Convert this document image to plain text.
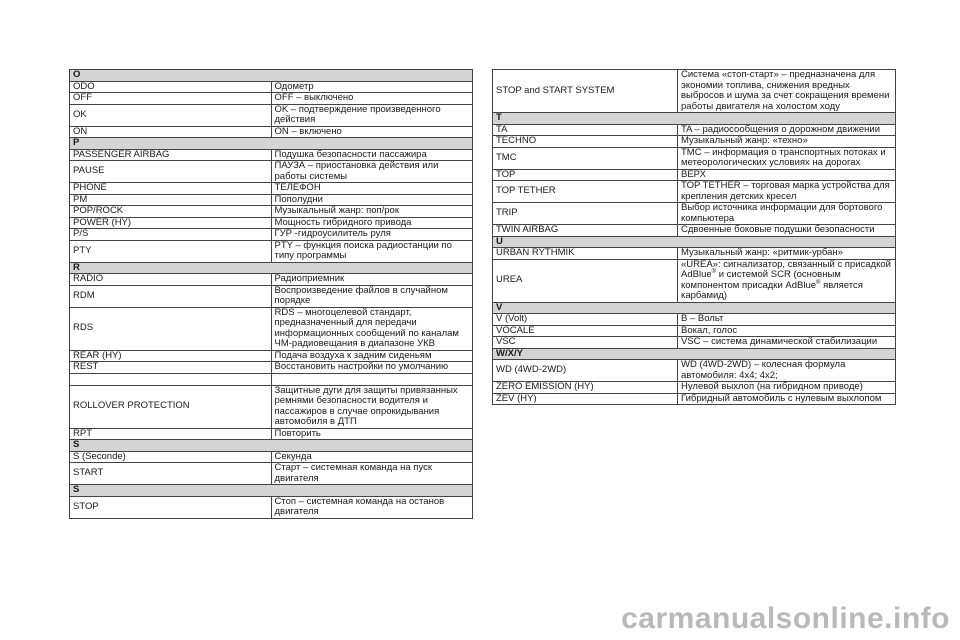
O	
ODO	Одометр
OFF	OFF – выключено
OK	OK – подтверждение произведенного действия
ON	ON – включено
P	
PASSENGER AIRBAG	Подушка безопасности пассажира
PAUSE	ПАУЗА – приостановка действия или работы системы
PHONE	ТЕЛЕФОН
PM	Пополудни
POP/ROCK	Музыкальный жанр: поп/рок
POWER (HY)	Мощность гибридного привода
P/S	ГУР -гидроусилитель руля
PTY	PTY – функция поиска радиостанции по типу программы
R	
RADIO	Радиоприемник
RDM	Воспроизведение файлов в случайном порядке
RDS	RDS – многоцелевой стандарт, предназначенный для передачи информационных сообщений по каналам ЧМ-радиовещания в диапазоне УКВ
REAR (HY)	Подача воздуха к задним сиденьям
REST	Восстановить настройки по умолчанию

ROLLOVER PROTECTION	Защитные дуги для защиты привязанных ремнями безопасности водителя и пассажиров в случае опрокидывания автомобиля в ДТП
RPT	Повторить
S	
S (Seconde)	Секунда
START	Старт – системная команда на пуск двигателя
S	
STOP	Стоп – системная команда на останов двигателя
STOP and START SYSTEM	Система «стоп-старт» – предназначена для экономии топлива, снижения вредных выбросов и шума за счет сокращения времени работы двигателя на холостом ходу
T	
TA	TA – радиосообщения о дорожном движении
TECHNO	Музыкальный жанр: «техно»
TMC	TMC – информация о транспортных потоках и метеорологических условиях на дорогах
TOP	ВЕРХ
TOP TETHER	TOP TETHER – торговая марка устройства для крепления детских кресел
TRIP	Выбор источника информации для бортового компьютера
TWIN AIRBAG	Сдвоенные боковые подушки безопасности
U	
URBAN RYTHMIK	Музыкальный жанр: «ритмик-урбан»
UREA	«UREA»: сигнализатор, связанный с присадкой AdBlue® и системой SCR (основным компонентом присадки AdBlue® является карбамид)
V	
V (Volt)	В – Вольт
VOCALE	Вокал, голос
VSC	VSC – система динамической стабилизации
W/X/Y	
WD (4WD-2WD)	WD (4WD-2WD) – колесная формула автомобиля: 4x4; 4x2;
ZERO EMISSION (HY)	Нулевой выхлоп (на гибридном приводе)
ZEV (HY)	Гибридный автомобиль с нулевым выхлопом
carmanualsonline.info
